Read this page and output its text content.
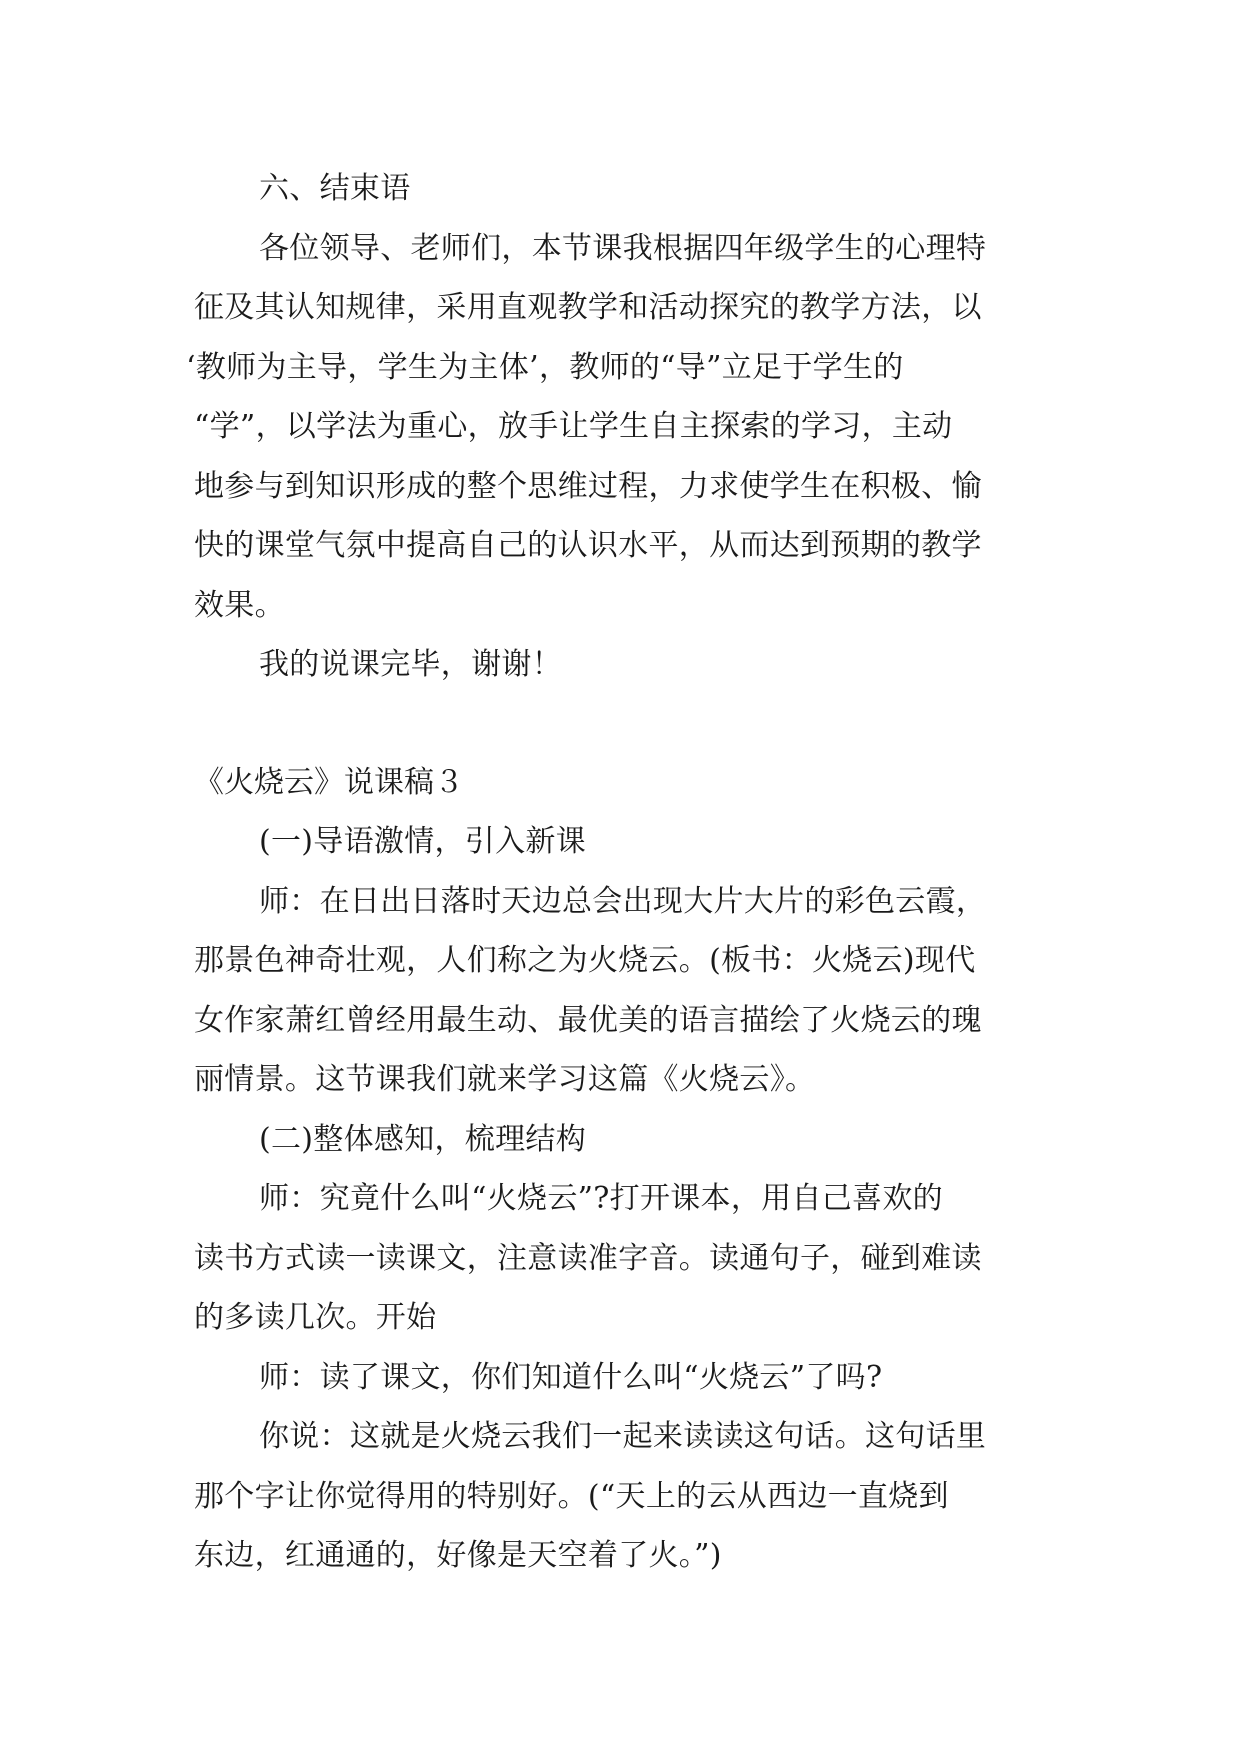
六、结束语

各位领导、老师们，本节课我根据四年级学生的心理特
征及其认知规律，采用直观教学和活动探究的教学方法，以
‘教师为主导，学生为主体’，教师的“导”立足于学生的
“学”，以学法为重心，放手让学生自主探索的学习，主动
地参与到知识形成的整个思维过程，力求使学生在积极、愉
快的课堂气氛中提高自己的认识水平，从而达到预期的教学
效果。

我的说课完毕，谢谢！

《火烧云》说课稿３

(一)导语激情，引入新课

师：在日出日落时天边总会出现大片大片的彩色云霞，
那景色神奇壮观，人们称之为火烧云。(板书：火烧云)现代
女作家萧红曾经用最生动、最优美的语言描绘了火烧云的瑰
丽情景。这节课我们就来学习这篇《火烧云》。

(二)整体感知，梳理结构

师：究竟什么叫“火烧云”?打开课本，用自己喜欢的
读书方式读一读课文，注意读准字音。读通句子，碰到难读
的多读几次。开始

师：读了课文，你们知道什么叫“火烧云”了吗?

你说：这就是火烧云我们一起来读读这句话。这句话里
那个字让你觉得用的特别好。(“天上的云从西边一直烧到
东边，红通通的，好像是天空着了火。”)
